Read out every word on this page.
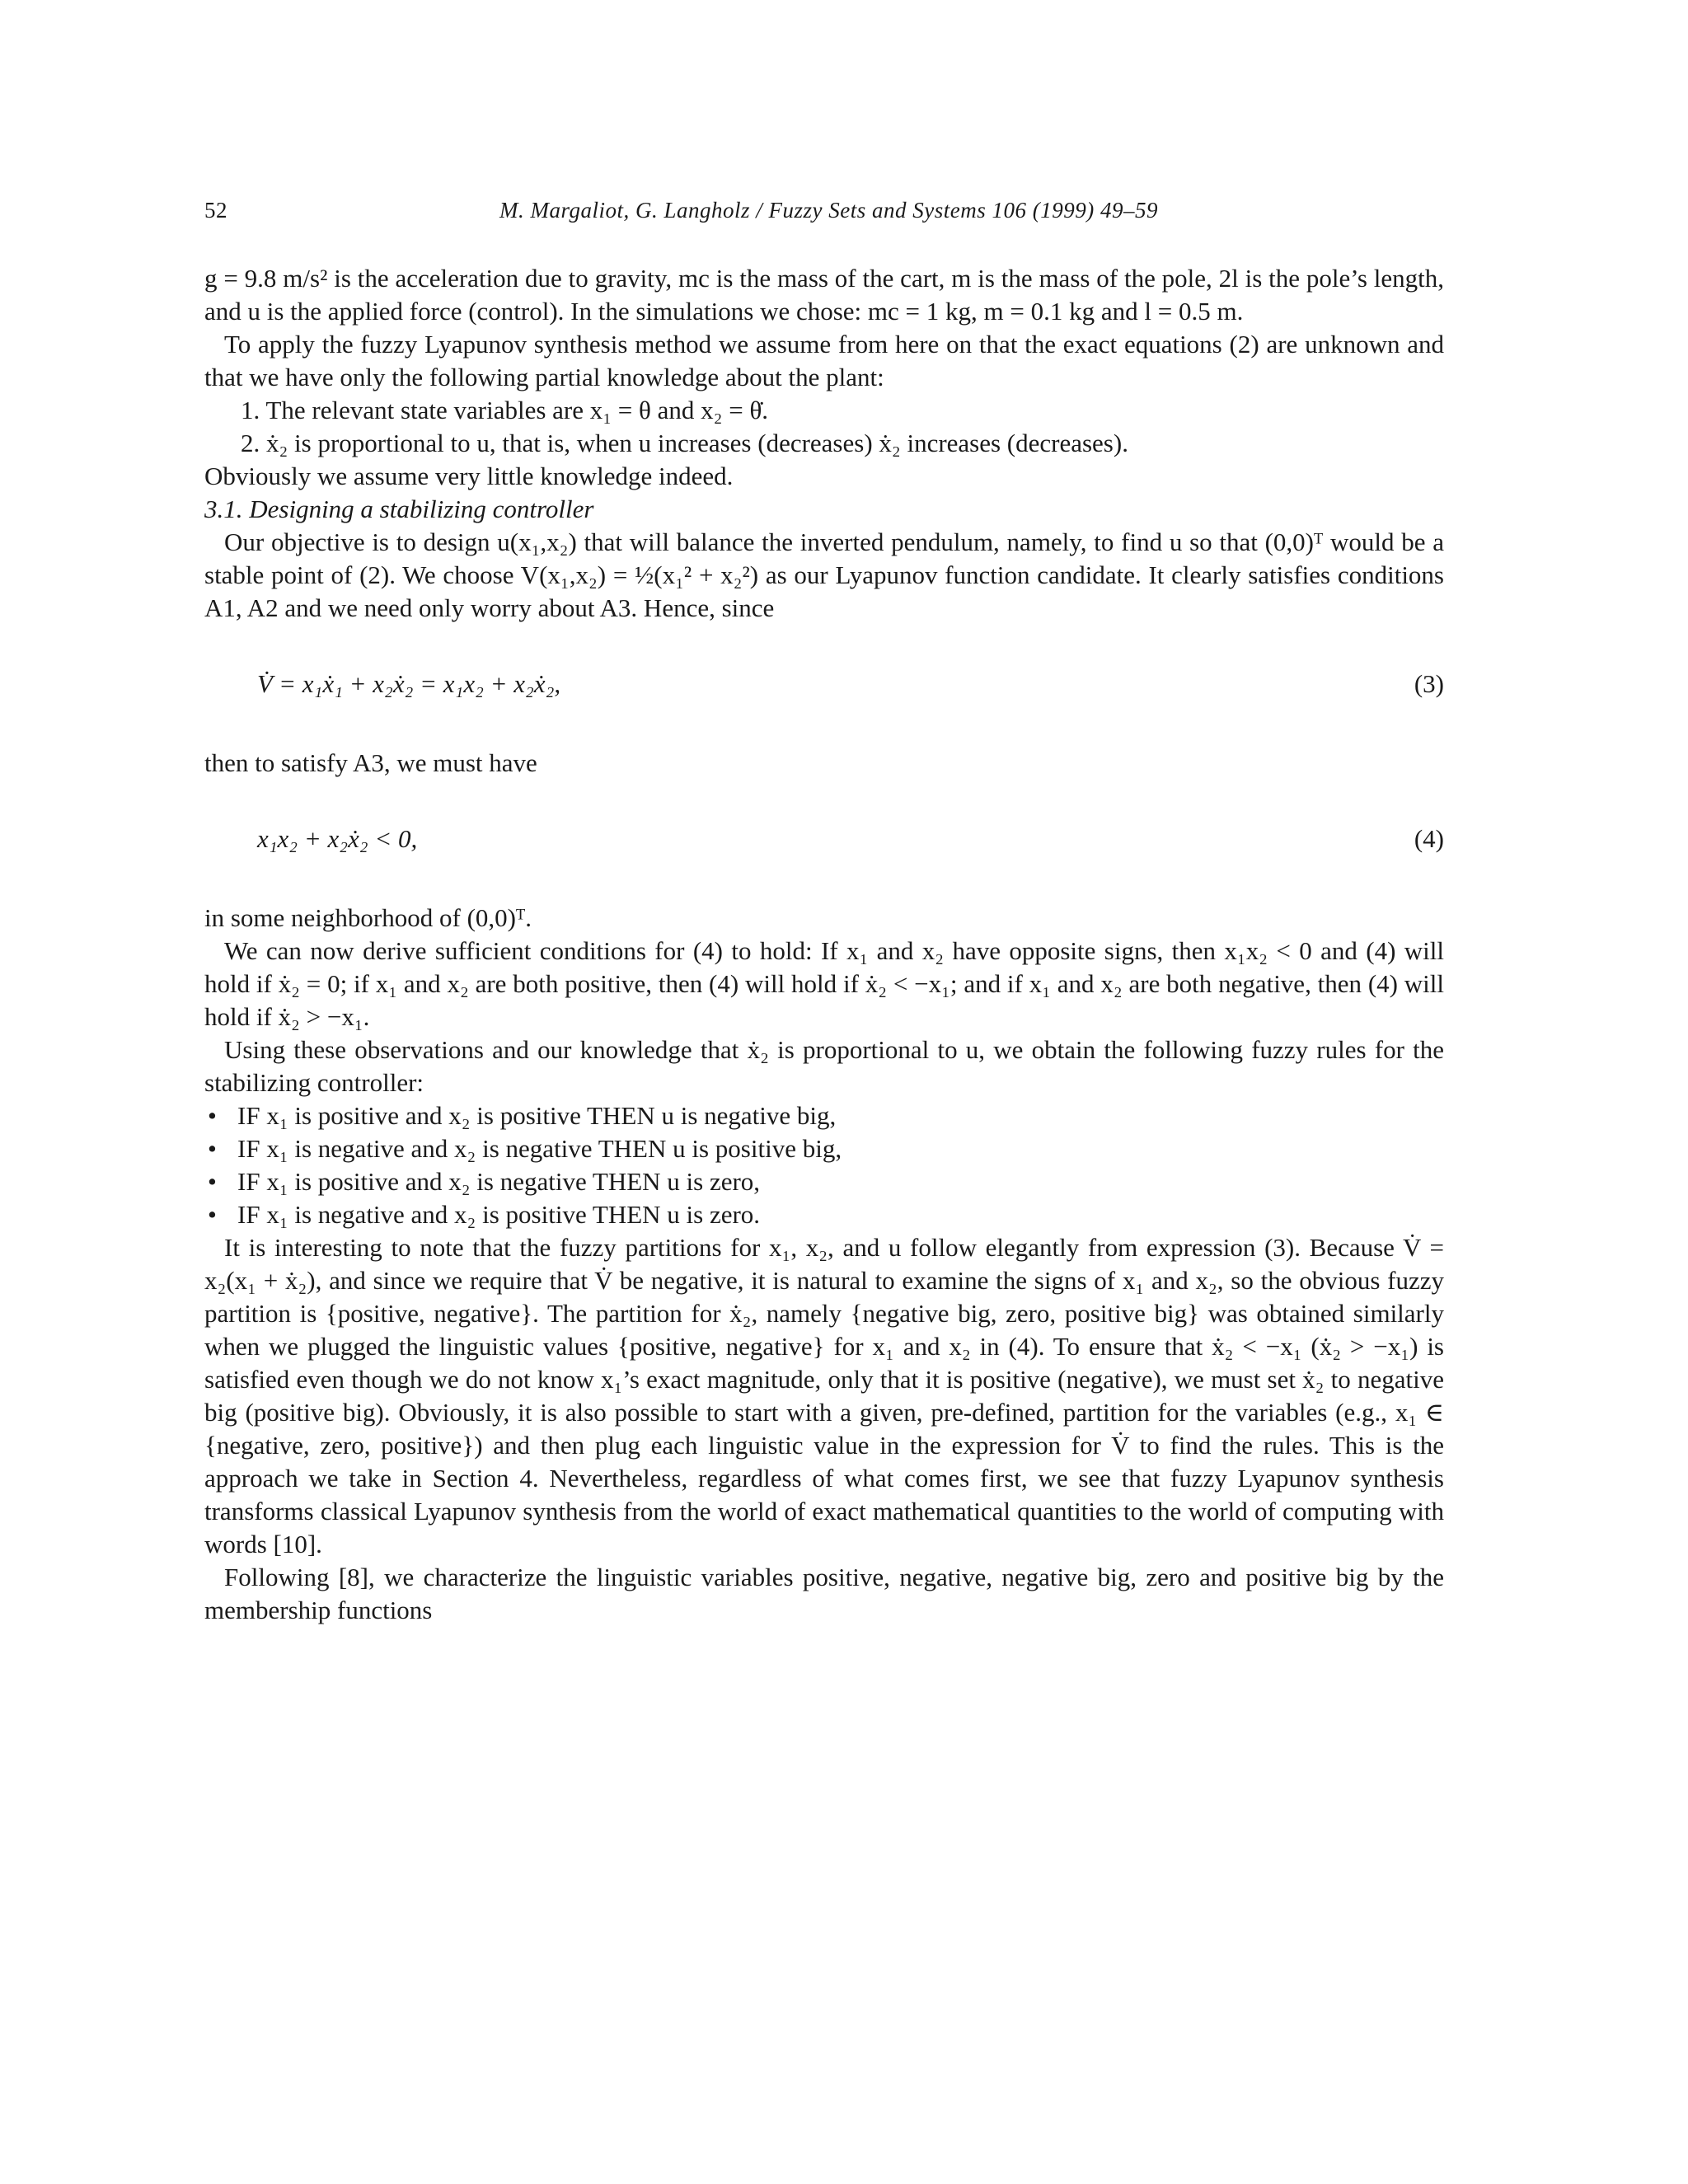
52	M. Margaliot, G. Langholz / Fuzzy Sets and Systems 106 (1999) 49–59

g = 9.8 m/s² is the acceleration due to gravity, mc is the mass of the cart, m is the mass of the pole, 2l is the pole’s length, and u is the applied force (control). In the simulations we chose: mc = 1 kg, m = 0.1 kg and l = 0.5 m.

To apply the fuzzy Lyapunov synthesis method we assume from here on that the exact equations (2) are unknown and that we have only the following partial knowledge about the plant:

1. The relevant state variables are x₁ = θ and x₂ = θ̇.

2. ẋ₂ is proportional to u, that is, when u increases (decreases) ẋ₂ increases (decreases).

Obviously we assume very little knowledge indeed.

3.1. Designing a stabilizing controller

Our objective is to design u(x₁,x₂) that will balance the inverted pendulum, namely, to find u so that (0,0)ᵀ would be a stable point of (2). We choose V(x₁,x₂) = ½(x₁² + x₂²) as our Lyapunov function candidate. It clearly satisfies conditions A1, A2 and we need only worry about A3. Hence, since

V̇ = x₁ẋ₁ + x₂ẋ₂ = x₁x₂ + x₂ẋ₂,	(3)

then to satisfy A3, we must have

x₁x₂ + x₂ẋ₂ < 0,	(4)

in some neighborhood of (0,0)ᵀ.

We can now derive sufficient conditions for (4) to hold: If x₁ and x₂ have opposite signs, then x₁x₂ < 0 and (4) will hold if ẋ₂ = 0; if x₁ and x₂ are both positive, then (4) will hold if ẋ₂ < −x₁; and if x₁ and x₂ are both negative, then (4) will hold if ẋ₂ > −x₁.

Using these observations and our knowledge that ẋ₂ is proportional to u, we obtain the following fuzzy rules for the stabilizing controller:

• IF x₁ is positive and x₂ is positive THEN u is negative big,
• IF x₁ is negative and x₂ is negative THEN u is positive big,
• IF x₁ is positive and x₂ is negative THEN u is zero,
• IF x₁ is negative and x₂ is positive THEN u is zero.

It is interesting to note that the fuzzy partitions for x₁, x₂, and u follow elegantly from expression (3). Because V̇ = x₂(x₁ + ẋ₂), and since we require that V̇ be negative, it is natural to examine the signs of x₁ and x₂, so the obvious fuzzy partition is {positive, negative}. The partition for ẋ₂, namely {negative big, zero, positive big} was obtained similarly when we plugged the linguistic values {positive, negative} for x₁ and x₂ in (4). To ensure that ẋ₂ < −x₁ (ẋ₂ > −x₁) is satisfied even though we do not know x₁’s exact magnitude, only that it is positive (negative), we must set ẋ₂ to negative big (positive big). Obviously, it is also possible to start with a given, pre-defined, partition for the variables (e.g., x₁ ∈ {negative, zero, positive}) and then plug each linguistic value in the expression for V̇ to find the rules. This is the approach we take in Section 4. Nevertheless, regardless of what comes first, we see that fuzzy Lyapunov synthesis transforms classical Lyapunov synthesis from the world of exact mathematical quantities to the world of computing with words [10].

Following [8], we characterize the linguistic variables positive, negative, negative big, zero and positive big by the membership functions
